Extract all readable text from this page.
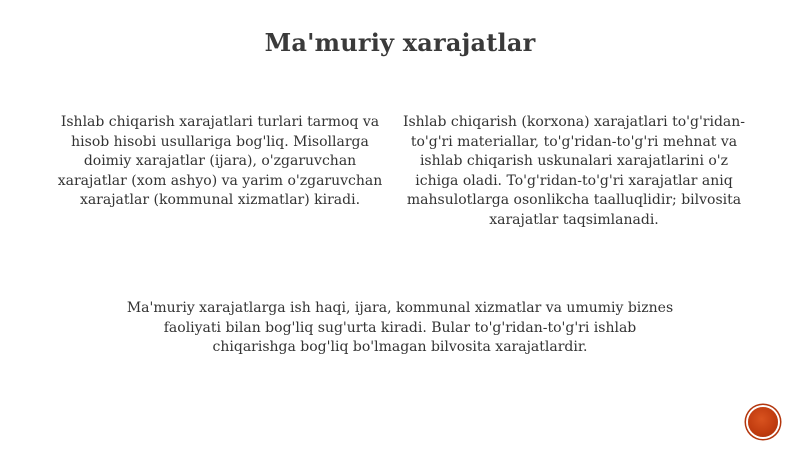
Ma'muriy xarajatlar
Ishlab chiqarish xarajatlari turlari tarmoq va hisob hisobi usullariga bog'liq. Misollarga doimiy xarajatlar (ijara), o'zgaruvchan xarajatlar (xom ashyo) va yarim o'zgaruvchan xarajatlar (kommunal xizmatlar) kiradi.
Ishlab chiqarish (korxona) xarajatlari to'g'ridan-to'g'ri materiallar, to'g'ridan-to'g'ri mehnat va ishlab chiqarish uskunalari xarajatlarini o'z ichiga oladi. To'g'ridan-to'g'ri xarajatlar aniq mahsulotlarga osonlikcha taalluqlidir; bilvosita xarajatlar taqsimlanadi.
Ma'muriy xarajatlarga ish haqi, ijara, kommunal xizmatlar va umumiy biznes faoliyati bilan bog'liq sug'urta kiradi. Bular to'g'ridan-to'g'ri ishlab chiqarishga bog'liq bo'lmagan bilvosita xarajatlardir.
